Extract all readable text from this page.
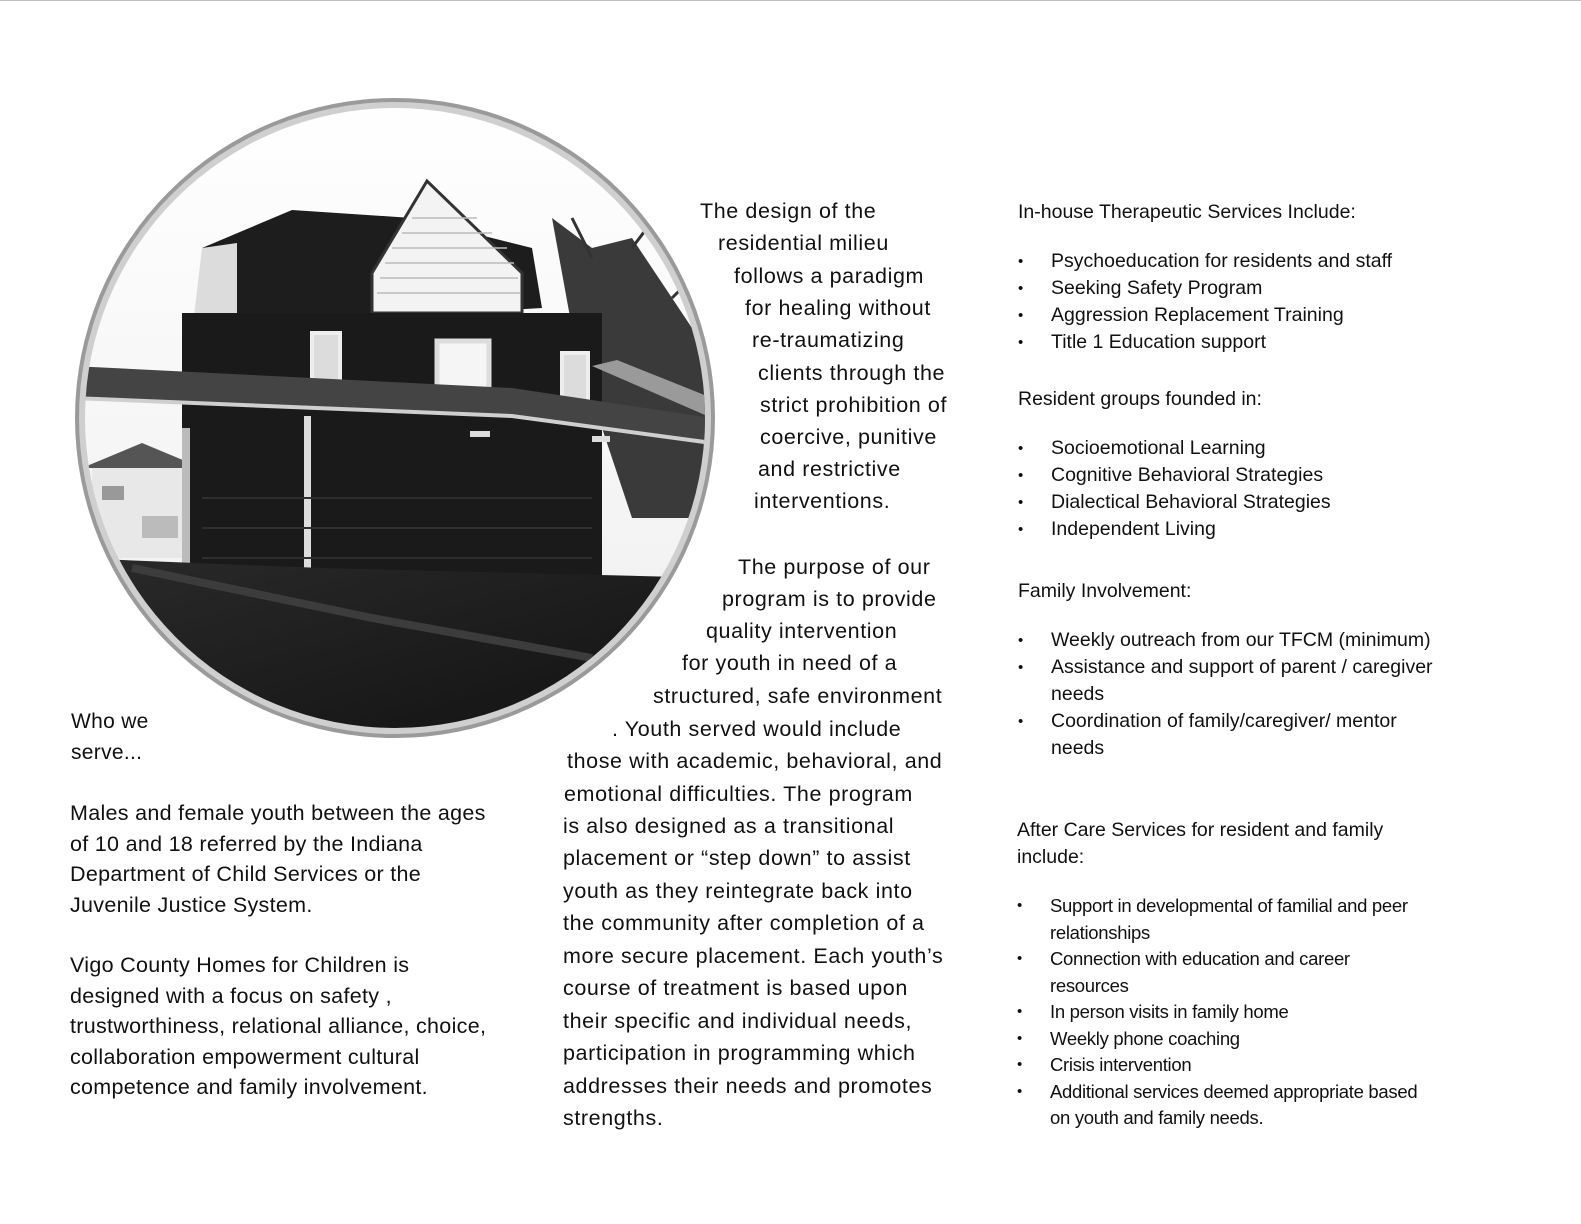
Who we serve...
Males and female youth between the ages of 10 and 18 referred by the Indiana Department of Child Services or the Juvenile Justice System.
Vigo County Homes for Children is designed with a focus on safety , trustworthiness, relational alliance, choice, collaboration empowerment cultural competence and family involvement.
The design of the
residential milieu
follows a paradigm
for healing without
re-traumatizing
clients through the
strict prohibition of
coercive, punitive
and restrictive
interventions.
The purpose of our
program is to provide
quality intervention
for youth in need of a
structured, safe environment
. Youth served would include
those with academic, behavioral, and
emotional difficulties. The program
is also designed as a transitional
placement or “step down” to assist
youth as they reintegrate back into
the community after completion of a
more secure placement. Each youth’s
course of treatment is based upon
their specific and individual needs,
participation in programming which
addresses their needs and promotes
strengths.
In-house Therapeutic Services Include:
• Psychoeducation for residents and staff
• Seeking Safety Program
• Aggression Replacement Training
• Title 1 Education support
Resident groups founded in:
• Socioemotional Learning
• Cognitive Behavioral Strategies
• Dialectical Behavioral Strategies
• Independent Living
Family Involvement:
• Weekly outreach from our TFCM (minimum)
• Assistance and support of parent / caregiver needs
• Coordination of family/caregiver/ mentor needs
After Care Services for resident and family include:
• Support in developmental of familial and peer relationships
• Connection with education and career resources
• In person visits in family home
• Weekly phone coaching
• Crisis intervention
• Additional services deemed appropriate based on youth and family needs.
